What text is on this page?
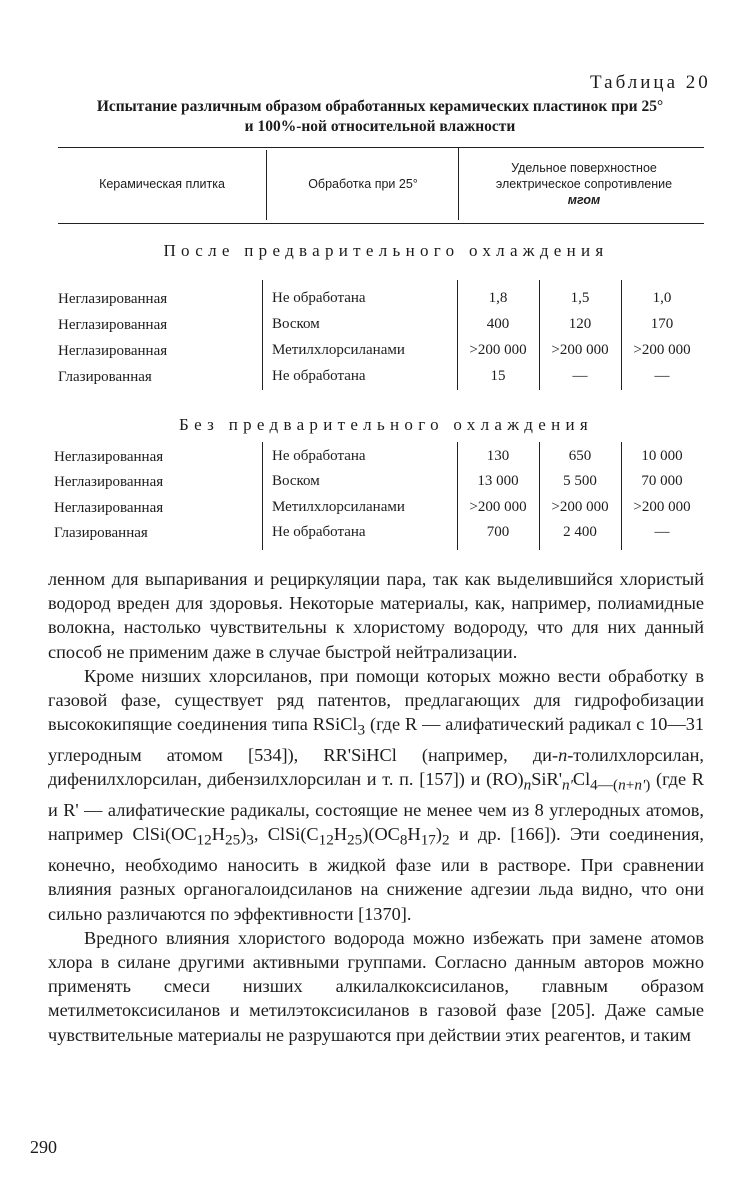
Таблица 20
Испытание различным образом обработанных керамических пластинок при 25°
и 100%-ной относительной влажности
Керамическая плитка	Обработка при 25°
Удельное поверхностное
электрическое сопротивление
мгом
После предварительного охлаждения
Неглазированная	Не обработана	1,8	1,5	1,0
Неглазированная	Воском	400	120	170
Неглазированная	Метилхлорсиланами	>200 000	>200 000	>200 000
Глазированная	Не обработана	15	—	—
Без предварительного охлаждения
Неглазированная	Не обработана	130	650	10 000
Неглазированная	Воском	13 000	5 500	70 000
Неглазированная	Метилхлорсиланами	>200 000	>200 000	>200 000
Глазированная	Не обработана	700	2 400	—

ленном для выпаривания и рециркуляции пара, так как выделившийся хлористый водород вреден для здоровья. Некоторые материалы, как, например, полиамидные волокна, настолько чувствительны к хлористому водороду, что для них данный способ не применим даже в случае быстрой нейтрализации.

Кроме низших хлорсиланов, при помощи которых можно вести обработку в газовой фазе, существует ряд патентов, предлагающих для гидрофобизации высококипящие соединения типа RSiCl$_3$ (где R — алифатический радикал с 10—31 углеродным атомом [534]), RR'SiHCl (например, ди-n-толилхлорсилан, дифенилхлорсилан, дибензилхлорсилан и т. п. [157]) и $(RO)_nSiR'_{n'}Cl_{4—(n+n')}$ (где R и R' — алифатические радикалы, состоящие не менее чем из 8 углеродных атомов, например $ClSi(OC_{12}H_{25})_3$, $ClSi(C_{12}H_{25})(OC_8H_{17})_2$ и др. [166]). Эти соединения, конечно, необходимо наносить в жидкой фазе или в растворе. При сравнении влияния разных органогалоидсиланов на снижение адгезии льда видно, что они сильно различаются по эффективности [1370].

Вредного влияния хлористого водорода можно избежать при замене атомов хлора в силане другими активными группами. Согласно данным авторов можно применять смеси низших алкилалкоксисиланов, главным образом метилметоксисиланов и метилэтоксисиланов в газовой фазе [205]. Даже самые чувствительные материалы не разрушаются при действии этих реагентов, и таким

290
